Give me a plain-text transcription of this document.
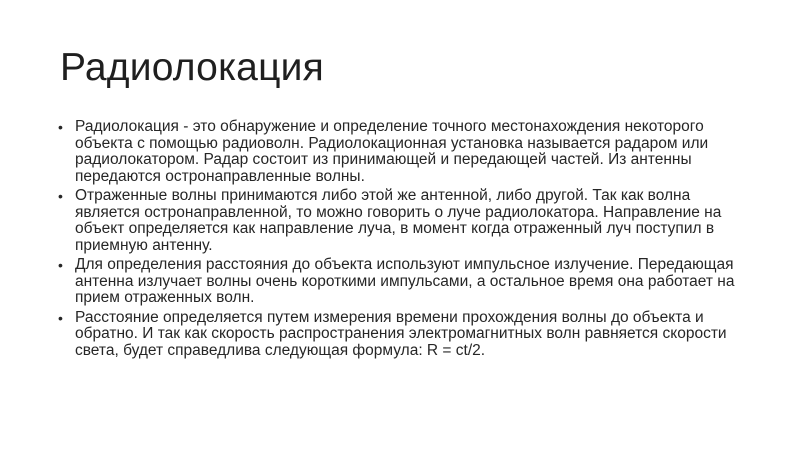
Радиолокация
• Радиолокация - это обнаружение и определение точного местонахождения некоторого объекта с помощью радиоволн. Радиолокационная установка называется радаром или радиолокатором. Радар состоит из принимающей и передающей частей. Из антенны передаются остронаправленные волны.
• Отраженные волны принимаются либо этой же антенной, либо другой. Так как волна является остронаправленной, то можно говорить о луче радиолокатора. Направление на объект определяется как направление луча, в момент когда отраженный луч поступил в приемную антенну.
• Для определения расстояния до объекта используют импульсное излучение. Передающая антенна излучает волны очень короткими импульсами, а остальное время она работает на прием отраженных волн.
• Расстояние определяется путем измерения времени прохождения волны до объекта и обратно. И так как скорость распространения электромагнитных волн равняется скорости света, будет справедлива следующая формула: R = ct/2.
